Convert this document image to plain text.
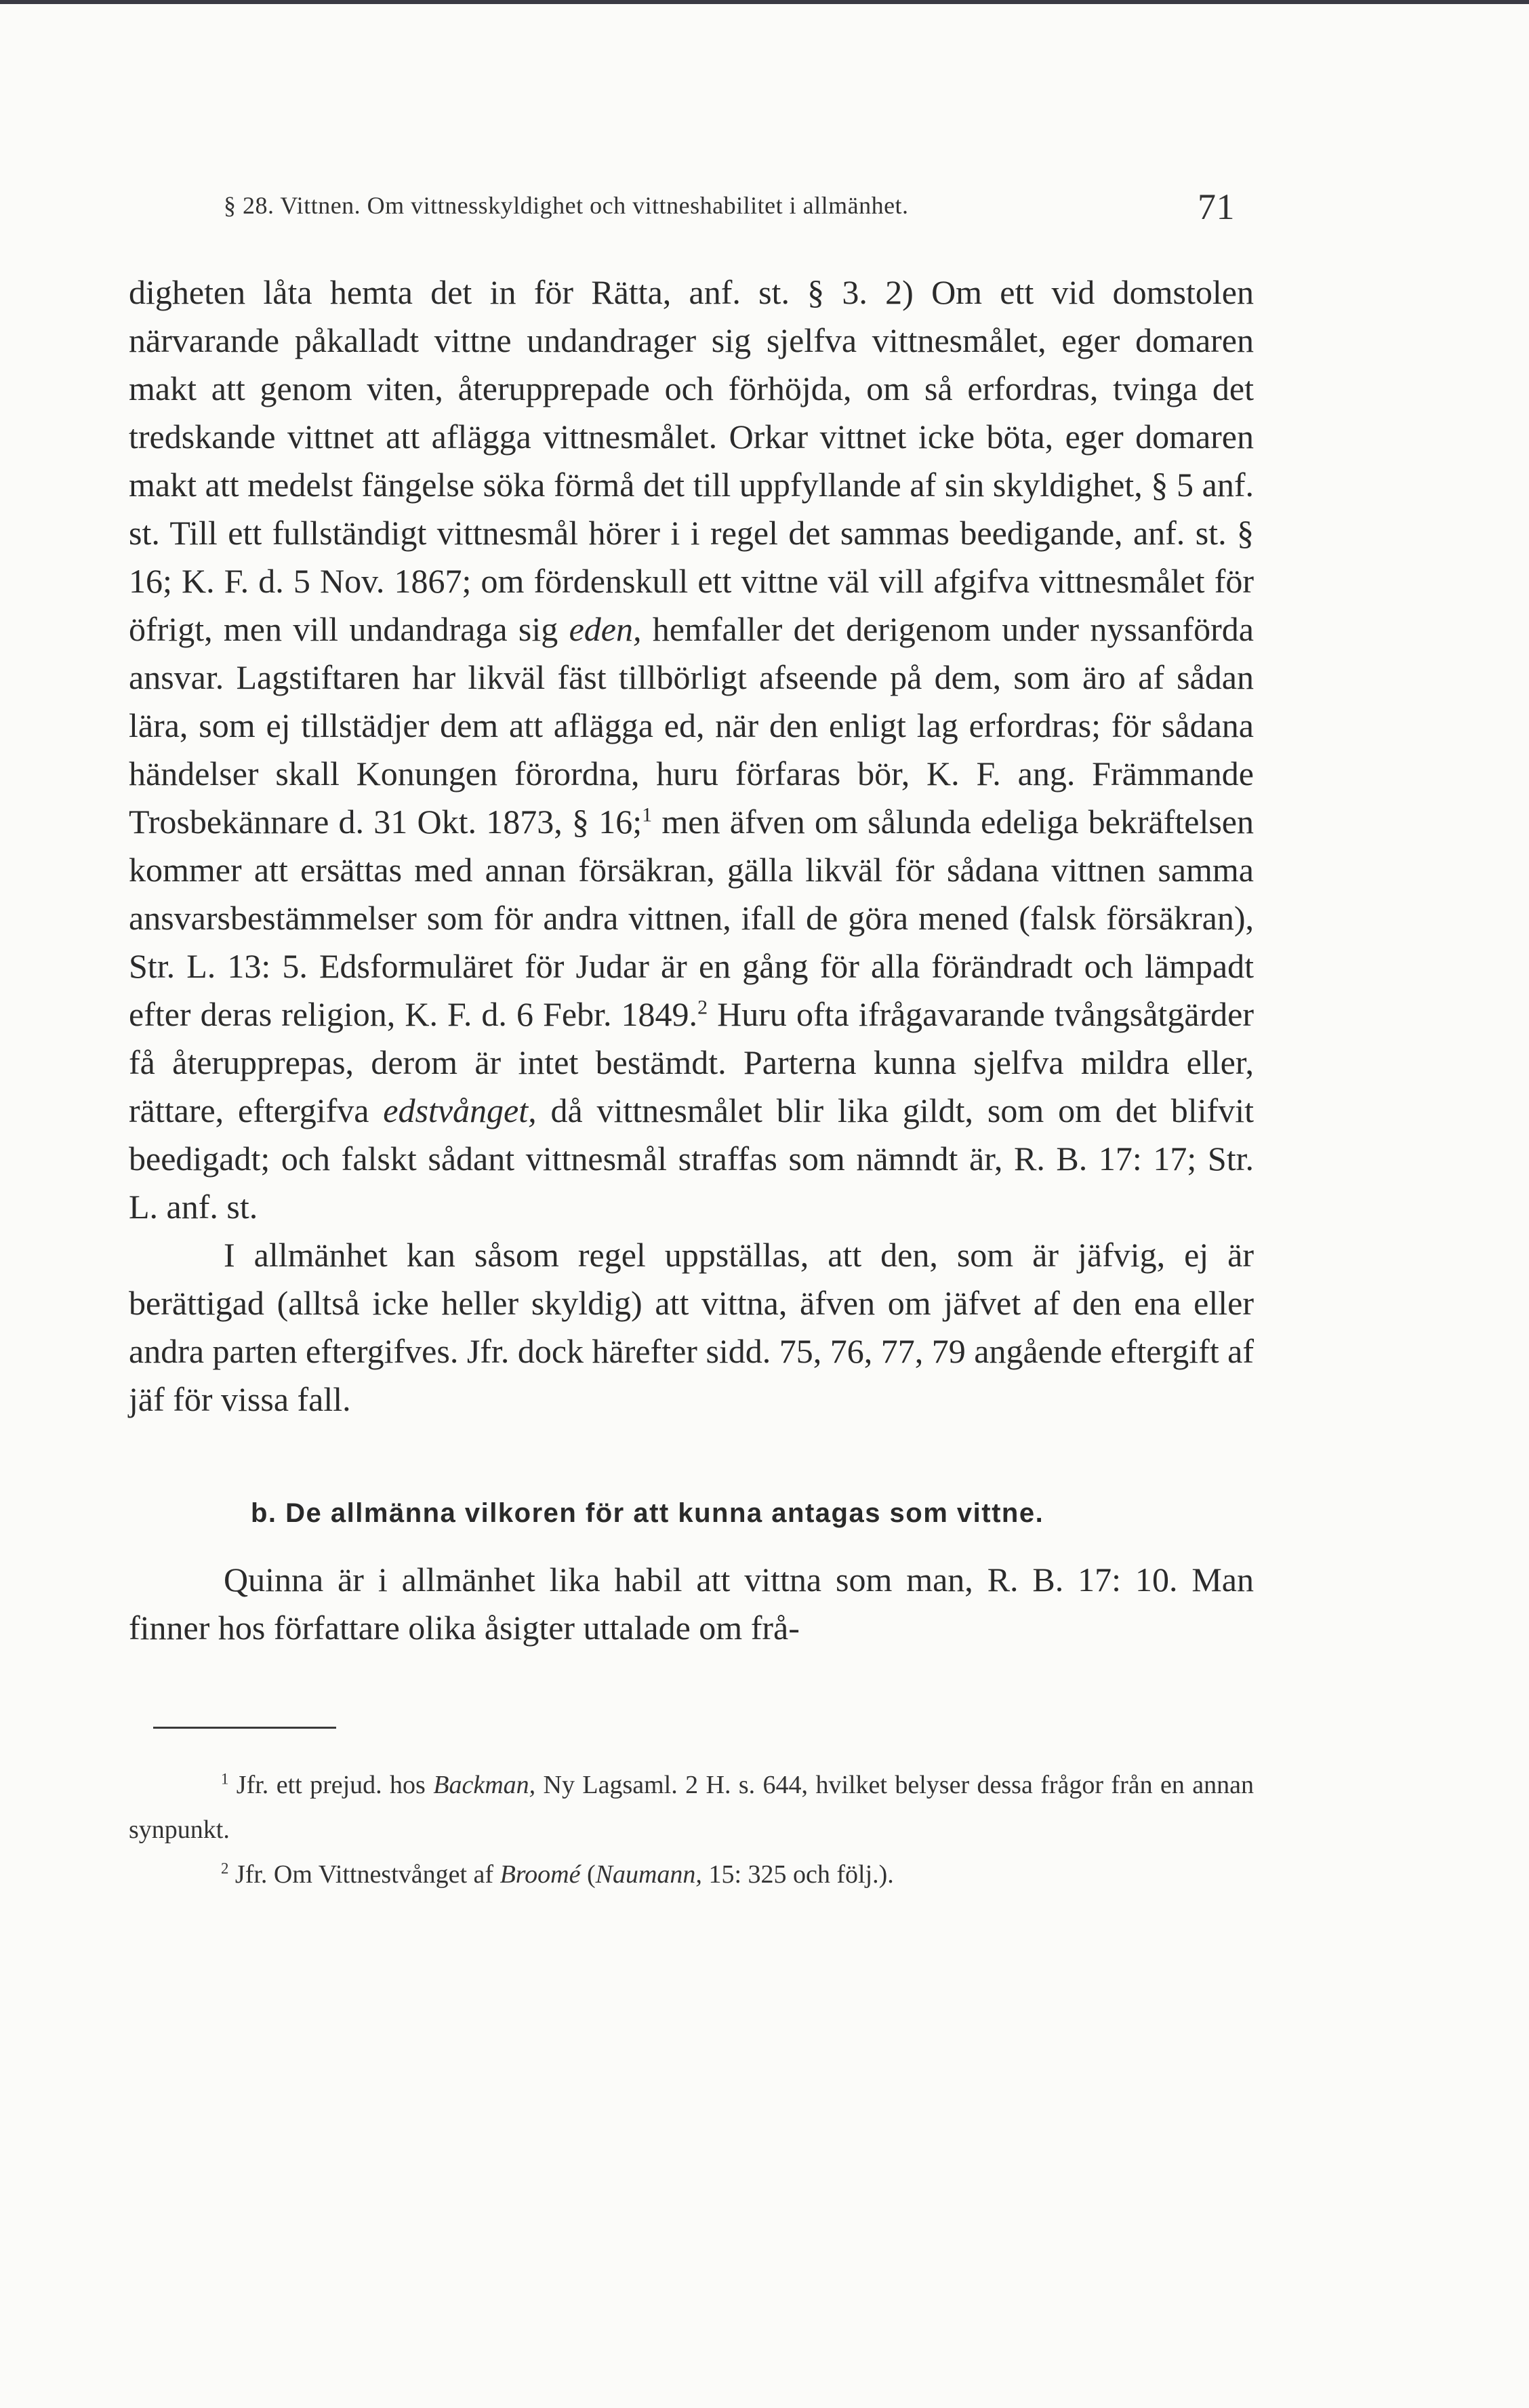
§ 28. Vittnen. Om vittnesskyldighet och vittneshabilitet i allmänhet.	71

digheten låta hemta det in för Rätta, anf. st. § 3. 2) Om ett vid domstolen närvarande påkalladt vittne undandrager sig sjelfva vittnesmålet, eger domaren makt att genom viten, återupprepade och förhöjda, om så erfordras, tvinga det tredskande vittnet att aflägga vittnesmålet. Orkar vittnet icke böta, eger domaren makt att medelst fängelse söka förmå det till uppfyllande af sin skyldighet, § 5 anf. st. Till ett fullständigt vittnesmål hörer i i regel det sammas beedigande, anf. st. § 16; K. F. d. 5 Nov. 1867; om fördenskull ett vittne väl vill afgifva vittnesmålet för öfrigt, men vill undandraga sig eden, hemfaller det derigenom under nyssanförda ansvar. Lagstiftaren har likväl fäst tillbörligt afseende på dem, som äro af sådan lära, som ej tillstädjer dem att aflägga ed, när den enligt lag erfordras; för sådana händelser skall Konungen förordna, huru förfaras bör, K. F. ang. Främmande Trosbekännare d. 31 Okt. 1873, § 16;$^1$ men äfven om sålunda edeliga bekräftelsen kommer att ersättas med annan försäkran, gälla likväl för sådana vittnen samma ansvarsbestämmelser som för andra vittnen, ifall de göra mened (falsk försäkran), Str. L. 13: 5. Edsformuläret för Judar är en gång för alla förändradt och lämpadt efter deras religion, K. F. d. 6 Febr. 1849.$^2$ Huru ofta ifrågavarande tvångsåtgärder få återupprepas, derom är intet bestämdt. Parterna kunna sjelfva mildra eller, rättare, eftergifva edstvånget, då vittnesmålet blir lika gildt, som om det blifvit beedigadt; och falskt sådant vittnesmål straffas som nämndt är, R. B. 17: 17; Str. L. anf. st.

I allmänhet kan såsom regel uppställas, att den, som är jäfvig, ej är berättigad (alltså icke heller skyldig) att vittna, äfven om jäfvet af den ena eller andra parten eftergifves. Jfr. dock härefter sidd. 75, 76, 77, 79 angående eftergift af jäf för vissa fall.

b. De allmänna vilkoren för att kunna antagas som vittne.

Quinna är i allmänhet lika habil att vittna som man, R. B. 17: 10. Man finner hos författare olika åsigter uttalade om frå-

$^1$ Jfr. ett prejud. hos Backman, Ny Lagsaml. 2 H. s. 644, hvilket belyser dessa frågor från en annan synpunkt.

$^2$ Jfr. Om Vittnestvånget af Broomé (Naumann, 15: 325 och följ.).
